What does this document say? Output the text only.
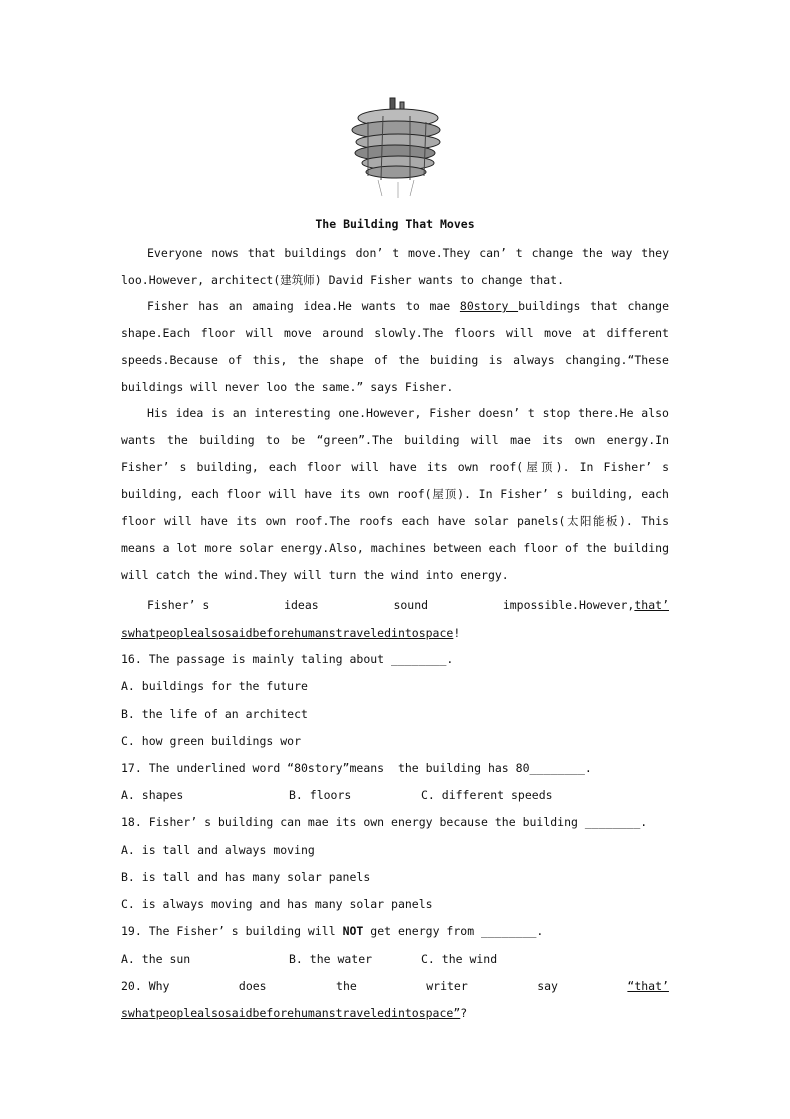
The Building That Moves
Everyone nows that buildings don’ t move.They can’ t change the way they loo.However, architect(建筑师) David Fisher wants to change that.
Fisher has an amaing idea.He wants to mae 80story buildings that change shape.Each floor will move around slowly.The floors will move at different speeds.Because of this, the shape of the buiding is always changing.“These buildings will never loo the same.” says Fisher.
His idea is an interesting one.However, Fisher doesn’ t stop there.He also wants the building to be “green”.The building will mae its own energy.In Fisher’ s building, each floor will have its own roof(屋顶). In Fisher’ s building, each floor will have its own roof(屋顶). In Fisher’ s building, each floor will have its own roof.The roofs each have solar panels(太阳能板). This means a lot more solar energy.Also, machines between each floor of the building will catch the wind.They will turn the wind into energy.
Fisher’ s	ideas	sound	impossible.However,that’
swhatpeoplealsosaidbeforehumanstraveledintospace!
16. The passage is mainly taling about ________.
A. buildings for the future
B. the life of an architect
C. how green buildings wor
17. The underlined word “80story”means  the building has 80________.
A. shapes	B. floors	C. different speeds
18. Fisher’ s building can mae its own energy because the building ________.
A. is tall and always moving
B. is tall and has many solar panels
C. is always moving and has many solar panels
19. The Fisher’ s building will NOT get energy from ________.
A. the sun	B. the water	C. the wind
20. Why	does	the	writer	say	“that’
swhatpeoplealsosaidbeforehumanstraveledintospace”?
